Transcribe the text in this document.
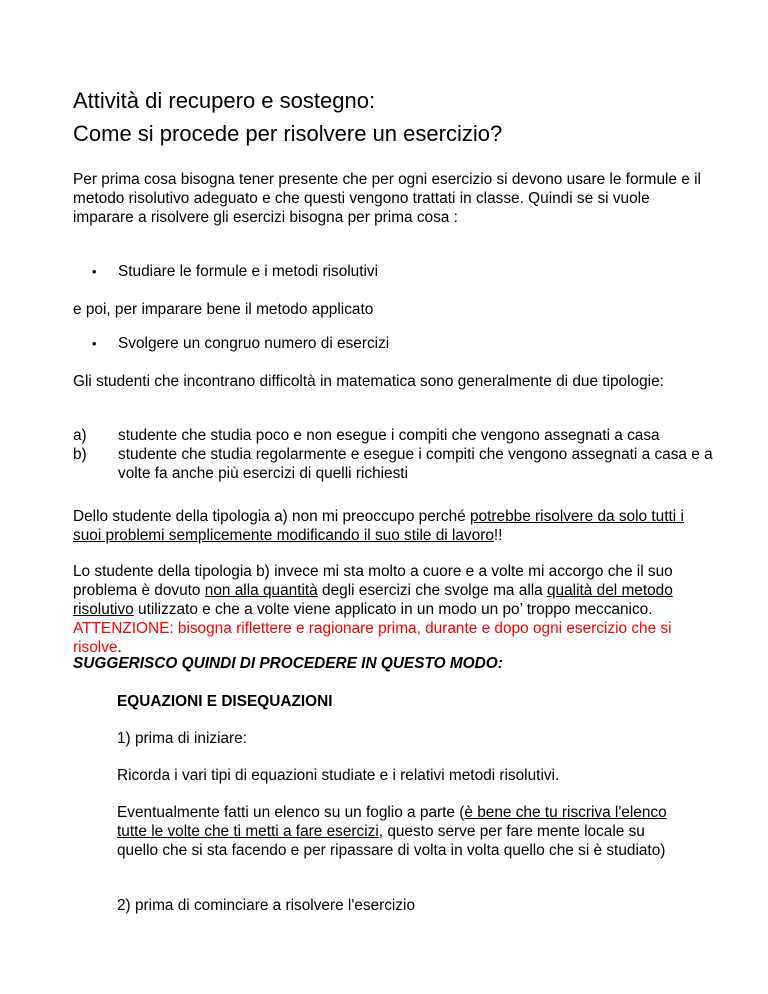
Attività di recupero e sostegno:
Come si procede per risolvere un esercizio?

Per prima cosa bisogna tener presente che per ogni esercizio si devono usare le formule e il metodo risolutivo adeguato e che questi vengono trattati in classe. Quindi se si vuole imparare a risolvere gli esercizi bisogna per prima cosa :

• Studiare le formule e i metodi risolutivi

e poi, per imparare bene il metodo applicato

• Svolgere un congruo numero di esercizi

Gli studenti che incontrano difficoltà in matematica sono generalmente di due tipologie:

a) studente che studia poco e non esegue i compiti che vengono assegnati a casa
b) studente che studia regolarmente e esegue i compiti che vengono assegnati a casa e a volte fa anche più esercizi di quelli richiesti

Dello studente della tipologia a) non mi preoccupo perché potrebbe risolvere da solo tutti i suoi problemi semplicemente modificando il suo stile di lavoro!!

Lo studente della tipologia b) invece mi sta molto a cuore e a volte mi accorgo che il suo problema è dovuto non alla quantità degli esercizi che svolge ma alla qualità del metodo risolutivo utilizzato e che a volte viene applicato in un modo un po’ troppo meccanico. ATTENZIONE: bisogna riflettere e ragionare prima, durante e dopo ogni esercizio che si risolve.

SUGGERISCO QUINDI DI PROCEDERE IN QUESTO MODO:

EQUAZIONI E DISEQUAZIONI

1) prima di iniziare:

Ricorda i vari tipi di equazioni studiate e i relativi metodi risolutivi.

Eventualmente fatti un elenco su un foglio a parte (è bene che tu riscriva l'elenco tutte le volte che ti metti a fare esercizi, questo serve per fare mente locale su quello che si sta facendo e per ripassare di volta in volta quello che si è studiato)

2) prima di cominciare a risolvere l'esercizio
